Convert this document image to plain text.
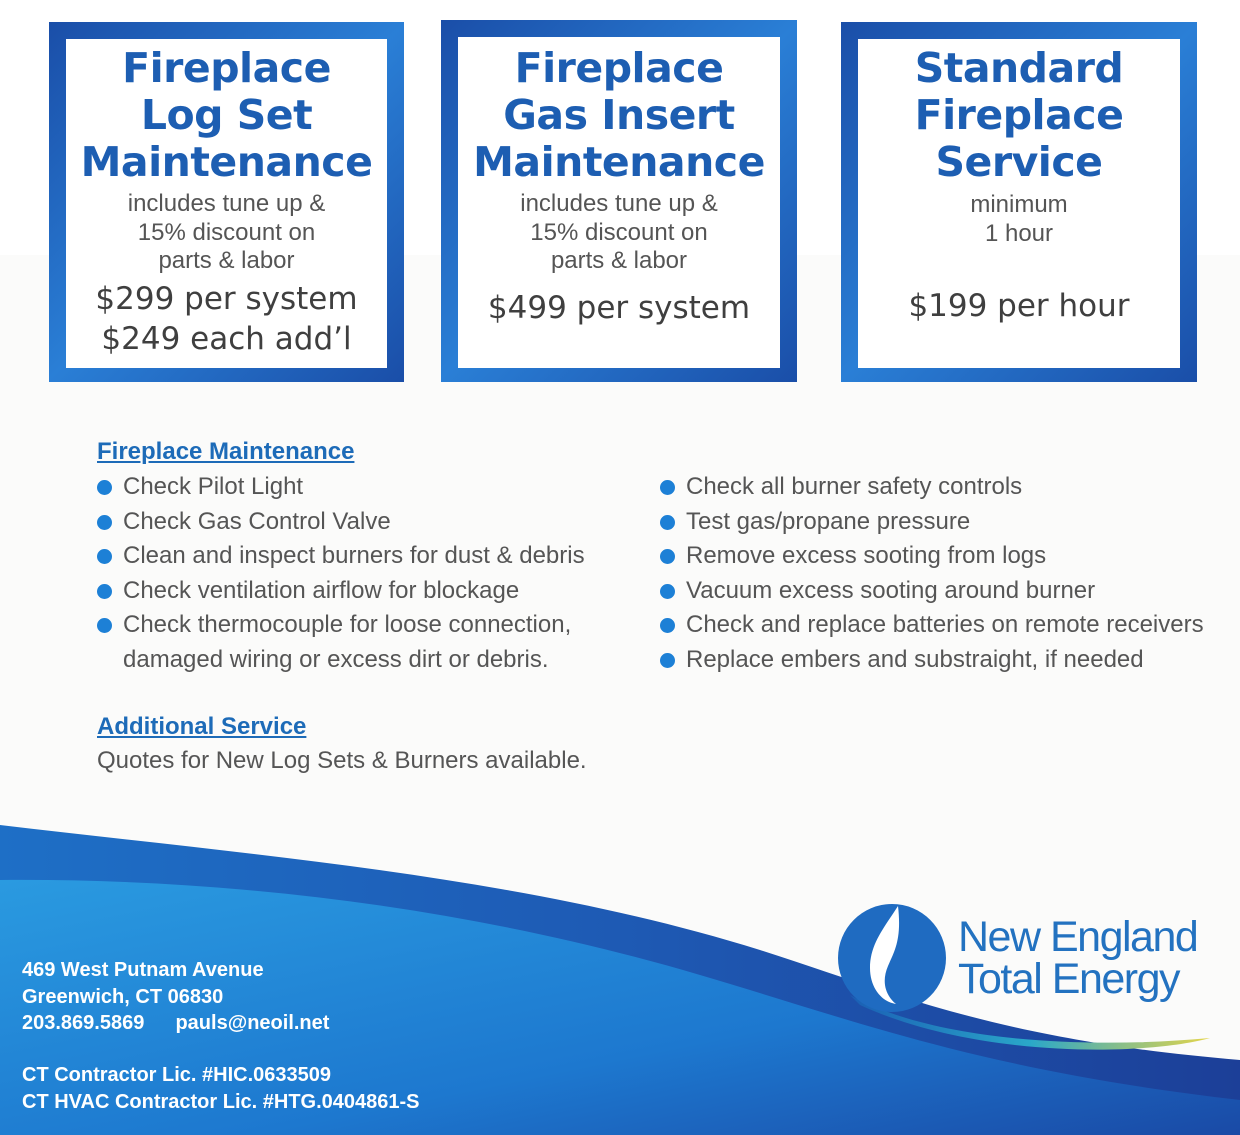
Fireplace
Log Set
Maintenance
includes tune up &
15% discount on
parts & labor
$299 per system
$249 each add’l
Fireplace
Gas Insert
Maintenance
includes tune up &
15% discount on
parts & labor
$499 per system
Standard
Fireplace
Service
minimum
1 hour
$199 per hour
Fireplace Maintenance
Check Pilot Light
Check Gas Control Valve
Clean and inspect burners for dust & debris
Check ventilation airflow for blockage
Check thermocouple for loose connection,
damaged wiring or excess dirt or debris.
Check all burner safety controls
Test gas/propane pressure
Remove excess sooting from logs
Vacuum excess sooting around burner
Check and replace batteries on remote receivers
Replace embers and substraight, if needed
Additional Service
Quotes for New Log Sets & Burners available.
New England
Total Energy
469 West Putnam Avenue
Greenwich, CT 06830
203.869.5869 pauls@neoil.net
CT Contractor Lic. #HIC.0633509
CT HVAC Contractor Lic. #HTG.0404861-S
